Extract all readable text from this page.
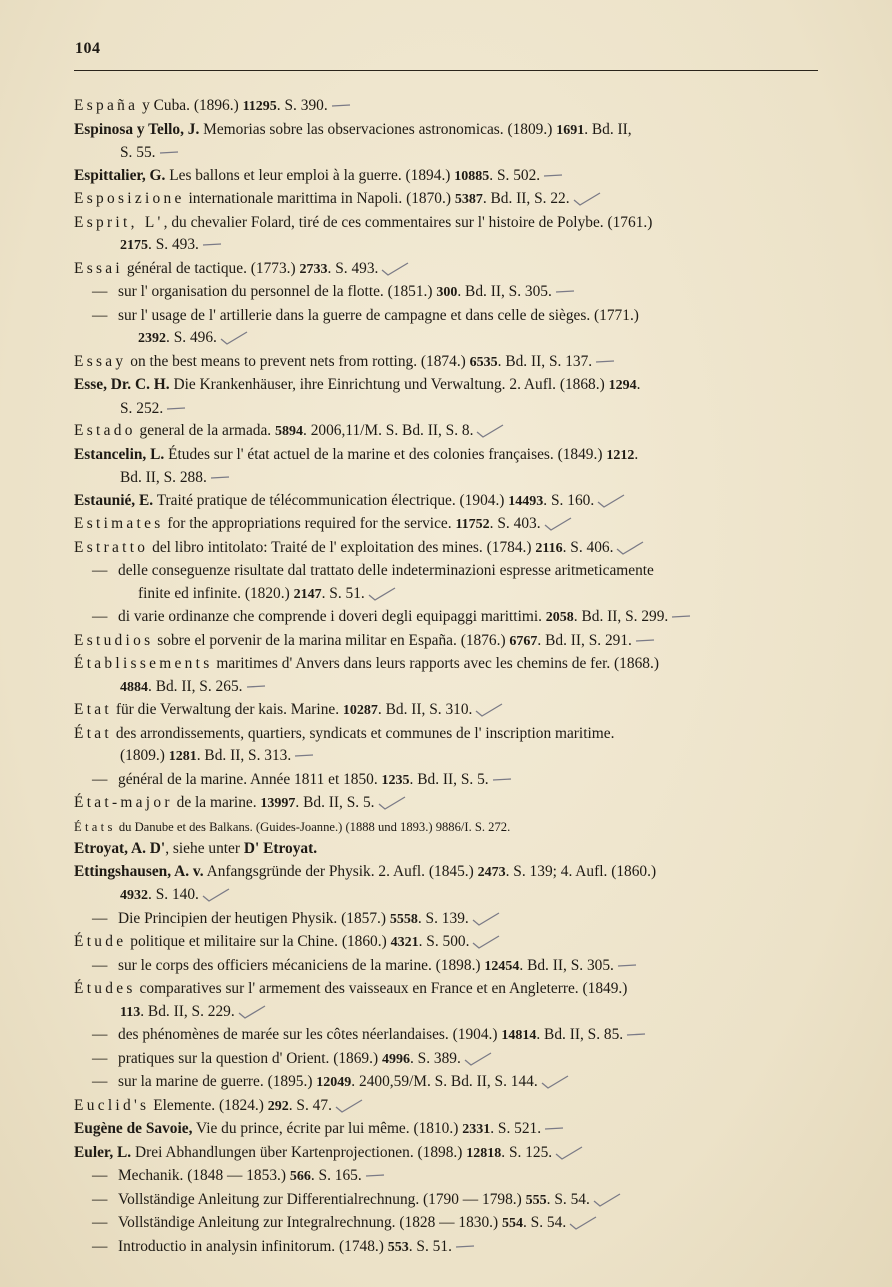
104
España y Cuba. (1896.) 11295. S. 390.
Espinosa y Tello, J. Memorias sobre las observaciones astronomicas. (1809.) 1691. Bd. II,
S. 55.
Espittalier, G. Les ballons et leur emploi à la guerre. (1894.) 10885. S. 502.
Esposizione internationale marittima in Napoli. (1870.) 5387. Bd. II, S. 22.
Esprit, L', du chevalier Folard, tiré de ces commentaires sur l' histoire de Polybe. (1761.)
2175. S. 493.
Essai général de tactique. (1773.) 2733. S. 493.
— sur l' organisation du personnel de la flotte. (1851.) 300. Bd. II, S. 305.
— sur l' usage de l' artillerie dans la guerre de campagne et dans celle de sièges. (1771.)
2392. S. 496.
Essay on the best means to prevent nets from rotting. (1874.) 6535. Bd. II, S. 137.
Esse, Dr. C. H. Die Krankenhäuser, ihre Einrichtung und Verwaltung. 2. Aufl. (1868.) 1294.
S. 252.
Estado general de la armada. 5894. 2006,11/M. S. Bd. II, S. 8.
Estancelin, L. Études sur l' état actuel de la marine et des colonies françaises. (1849.) 1212.
Bd. II, S. 288.
Estaunié, E. Traité pratique de télécommunication électrique. (1904.) 14493. S. 160.
Estimates for the appropriations required for the service. 11752. S. 403.
Estratto del libro intitolato: Traité de l' exploitation des mines. (1784.) 2116. S. 406.
— delle conseguenze risultate dal trattato delle indeterminazioni espresse aritmeticamente
finite ed infinite. (1820.) 2147. S. 51.
— di varie ordinanze che comprende i doveri degli equipaggi marittimi. 2058. Bd. II, S. 299.
Estudios sobre el porvenir de la marina militar en España. (1876.) 6767. Bd. II, S. 291.
Établissements maritimes d' Anvers dans leurs rapports avec les chemins de fer. (1868.)
4884. Bd. II, S. 265.
Etat für die Verwaltung der kais. Marine. 10287. Bd. II, S. 310.
État des arrondissements, quartiers, syndicats et communes de l' inscription maritime.
(1809.) 1281. Bd. II, S. 313.
— général de la marine. Année 1811 et 1850. 1235. Bd. II, S. 5.
État-major de la marine. 13997. Bd. II, S. 5.
États du Danube et des Balkans. (Guides-Joanne.) (1888 und 1893.) 9886/I. S. 272.
Etroyat, A. D', siehe unter D' Etroyat.
Ettingshausen, A. v. Anfangsgründe der Physik. 2. Aufl. (1845.) 2473. S. 139; 4. Aufl. (1860.)
4932. S. 140.
— Die Principien der heutigen Physik. (1857.) 5558. S. 139.
Étude politique et militaire sur la Chine. (1860.) 4321. S. 500.
— sur le corps des officiers mécaniciens de la marine. (1898.) 12454. Bd. II, S. 305.
Études comparatives sur l' armement des vaisseaux en France et en Angleterre. (1849.)
113. Bd. II, S. 229.
— des phénomènes de marée sur les côtes néerlandaises. (1904.) 14814. Bd. II, S. 85.
— pratiques sur la question d' Orient. (1869.) 4996. S. 389.
— sur la marine de guerre. (1895.) 12049. 2400,59/M. S. Bd. II, S. 144.
Euclid's Elemente. (1824.) 292. S. 47.
Eugène de Savoie, Vie du prince, écrite par lui même. (1810.) 2331. S. 521.
Euler, L. Drei Abhandlungen über Kartenprojectionen. (1898.) 12818. S. 125.
— Mechanik. (1848 — 1853.) 566. S. 165.
— Vollständige Anleitung zur Differentialrechnung. (1790 — 1798.) 555. S. 54.
— Vollständige Anleitung zur Integralrechnung. (1828 — 1830.) 554. S. 54.
— Introductio in analysin infinitorum. (1748.) 553. S. 51.
